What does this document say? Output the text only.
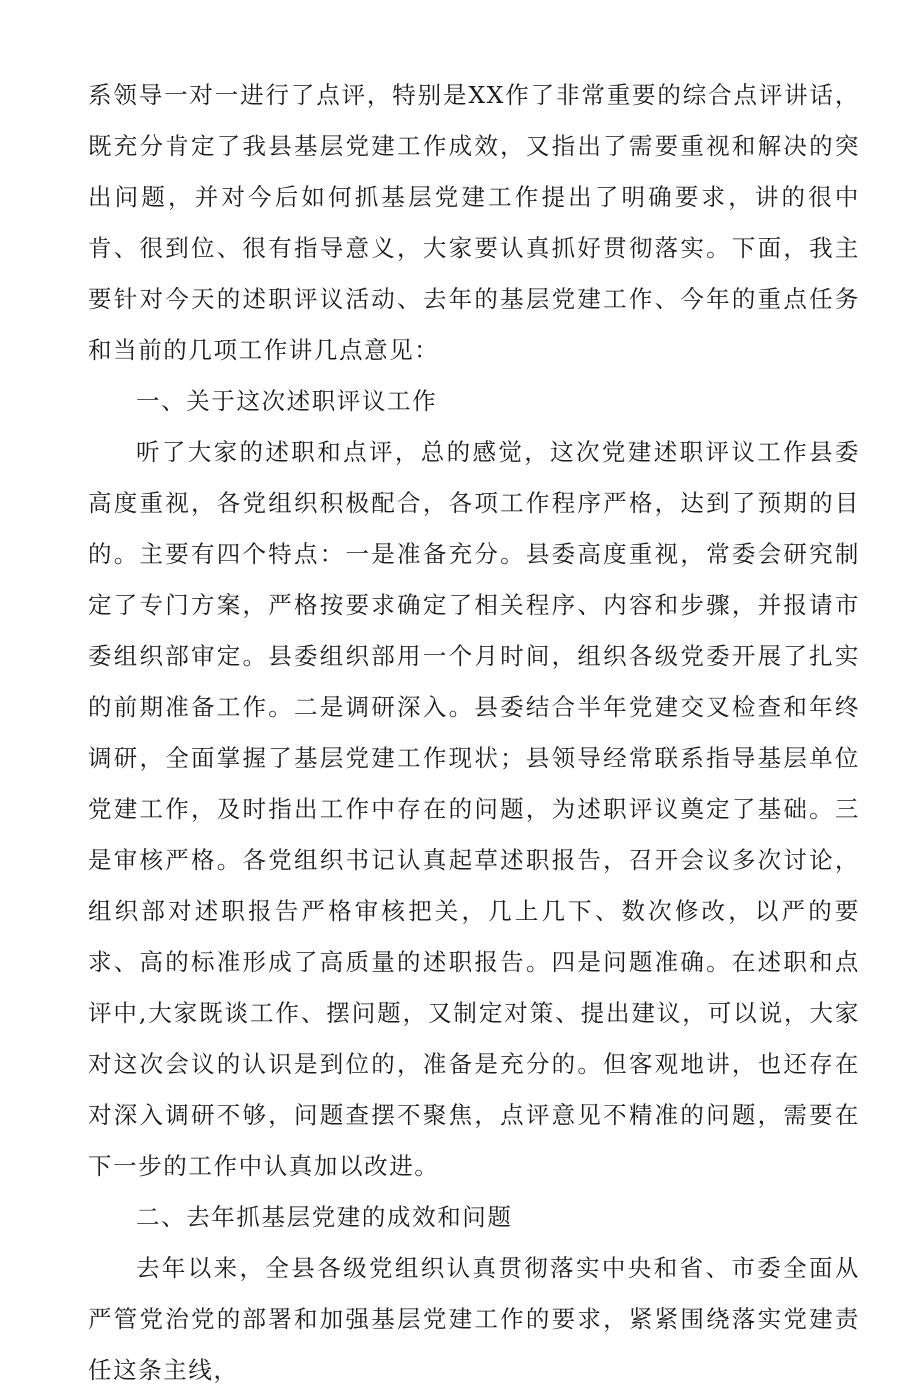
系领导一对一进行了点评，特别是XX作了非常重要的综合点评讲话，既充分肯定了我县基层党建工作成效，又指出了需要重视和解决的突出问题，并对今后如何抓基层党建工作提出了明确要求，讲的很中肯、很到位、很有指导意义，大家要认真抓好贯彻落实。下面，我主要针对今天的述职评议活动、去年的基层党建工作、今年的重点任务和当前的几项工作讲几点意见：

一、关于这次述职评议工作

听了大家的述职和点评，总的感觉，这次党建述职评议工作县委高度重视，各党组织积极配合，各项工作程序严格，达到了预期的目的。主要有四个特点：一是准备充分。县委高度重视，常委会研究制定了专门方案，严格按要求确定了相关程序、内容和步骤，并报请市委组织部审定。县委组织部用一个月时间，组织各级党委开展了扎实的前期准备工作。二是调研深入。县委结合半年党建交叉检查和年终调研，全面掌握了基层党建工作现状；县领导经常联系指导基层单位党建工作，及时指出工作中存在的问题，为述职评议奠定了基础。三是审核严格。各党组织书记认真起草述职报告，召开会议多次讨论，组织部对述职报告严格审核把关，几上几下、数次修改，以严的要求、高的标准形成了高质量的述职报告。四是问题准确。在述职和点评中,大家既谈工作、摆问题，又制定对策、提出建议，可以说，大家对这次会议的认识是到位的，准备是充分的。但客观地讲，也还存在对深入调研不够，问题查摆不聚焦，点评意见不精准的问题，需要在下一步的工作中认真加以改进。

二、去年抓基层党建的成效和问题

去年以来，全县各级党组织认真贯彻落实中央和省、市委全面从严管党治党的部署和加强基层党建工作的要求，紧紧围绕落实党建责任这条主线，
